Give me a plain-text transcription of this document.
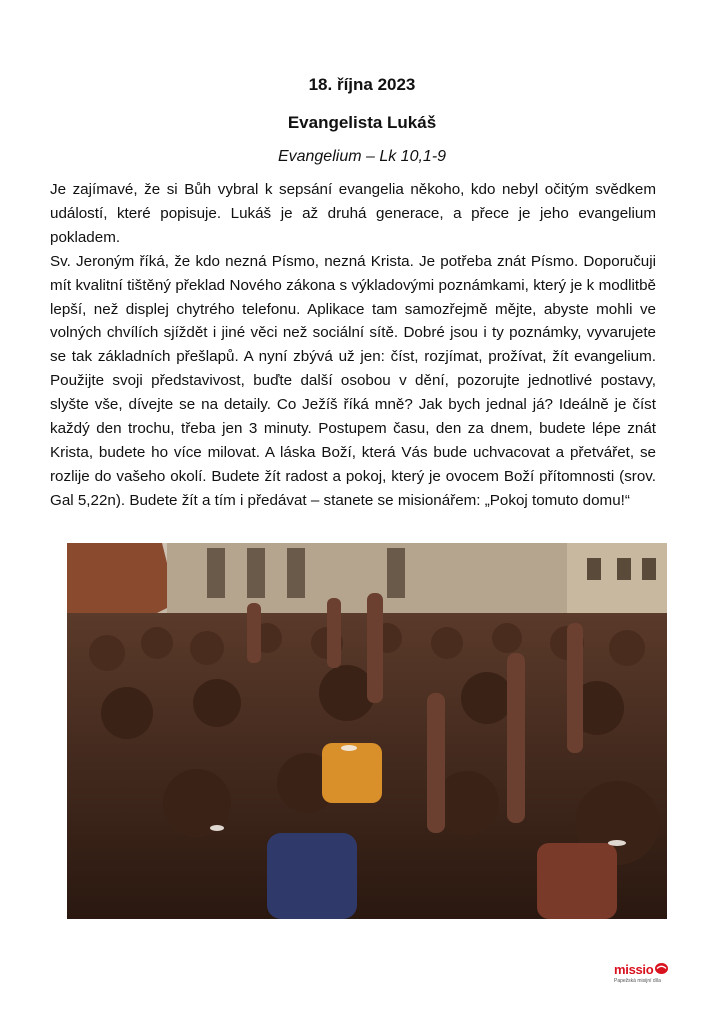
18. října 2023
Evangelista Lukáš
Evangelium – Lk 10,1-9

Je zajímavé, že si Bůh vybral k sepsání evangelia někoho, kdo nebyl očitým svědkem událostí, které popisuje. Lukáš je až druhá generace, a přece je jeho evangelium pokladem.

Sv. Jeroným říká, že kdo nezná Písmo, nezná Krista. Je potřeba znát Písmo. Doporučuji mít kvalitní tištěný překlad Nového zákona s výkladovými poznámkami, který je k modlitbě lepší, než displej chytrého telefonu. Aplikace tam samozřejmě mějte, abyste mohli ve volných chvílích sjíždět i jiné věci než sociální sítě. Dobré jsou i ty poznámky, vyvarujete se tak základních přešlapů. A nyní zbývá už jen: číst, rozjímat, prožívat, žít evangelium. Použijte svoji představivost, buďte další osobou v dění, pozorujte jednotlivé postavy, slyšte vše, dívejte se na detaily. Co Ježíš říká mně? Jak bych jednal já? Ideálně je číst každý den trochu, třeba jen 3 minuty. Postupem času, den za dnem, budete lépe znát Krista, budete ho více milovat. A láska Boží, která Vás bude uchvacovat a přetvářet, se rozlije do vašeho okolí. Budete žít radost a pokoj, který je ovocem Boží přítomnosti (srov. Gal 5,22n). Budete žít a tím i předávat – stanete se misionářem: „Pokoj tomuto domu!“

missio
Papežská misijní díla
